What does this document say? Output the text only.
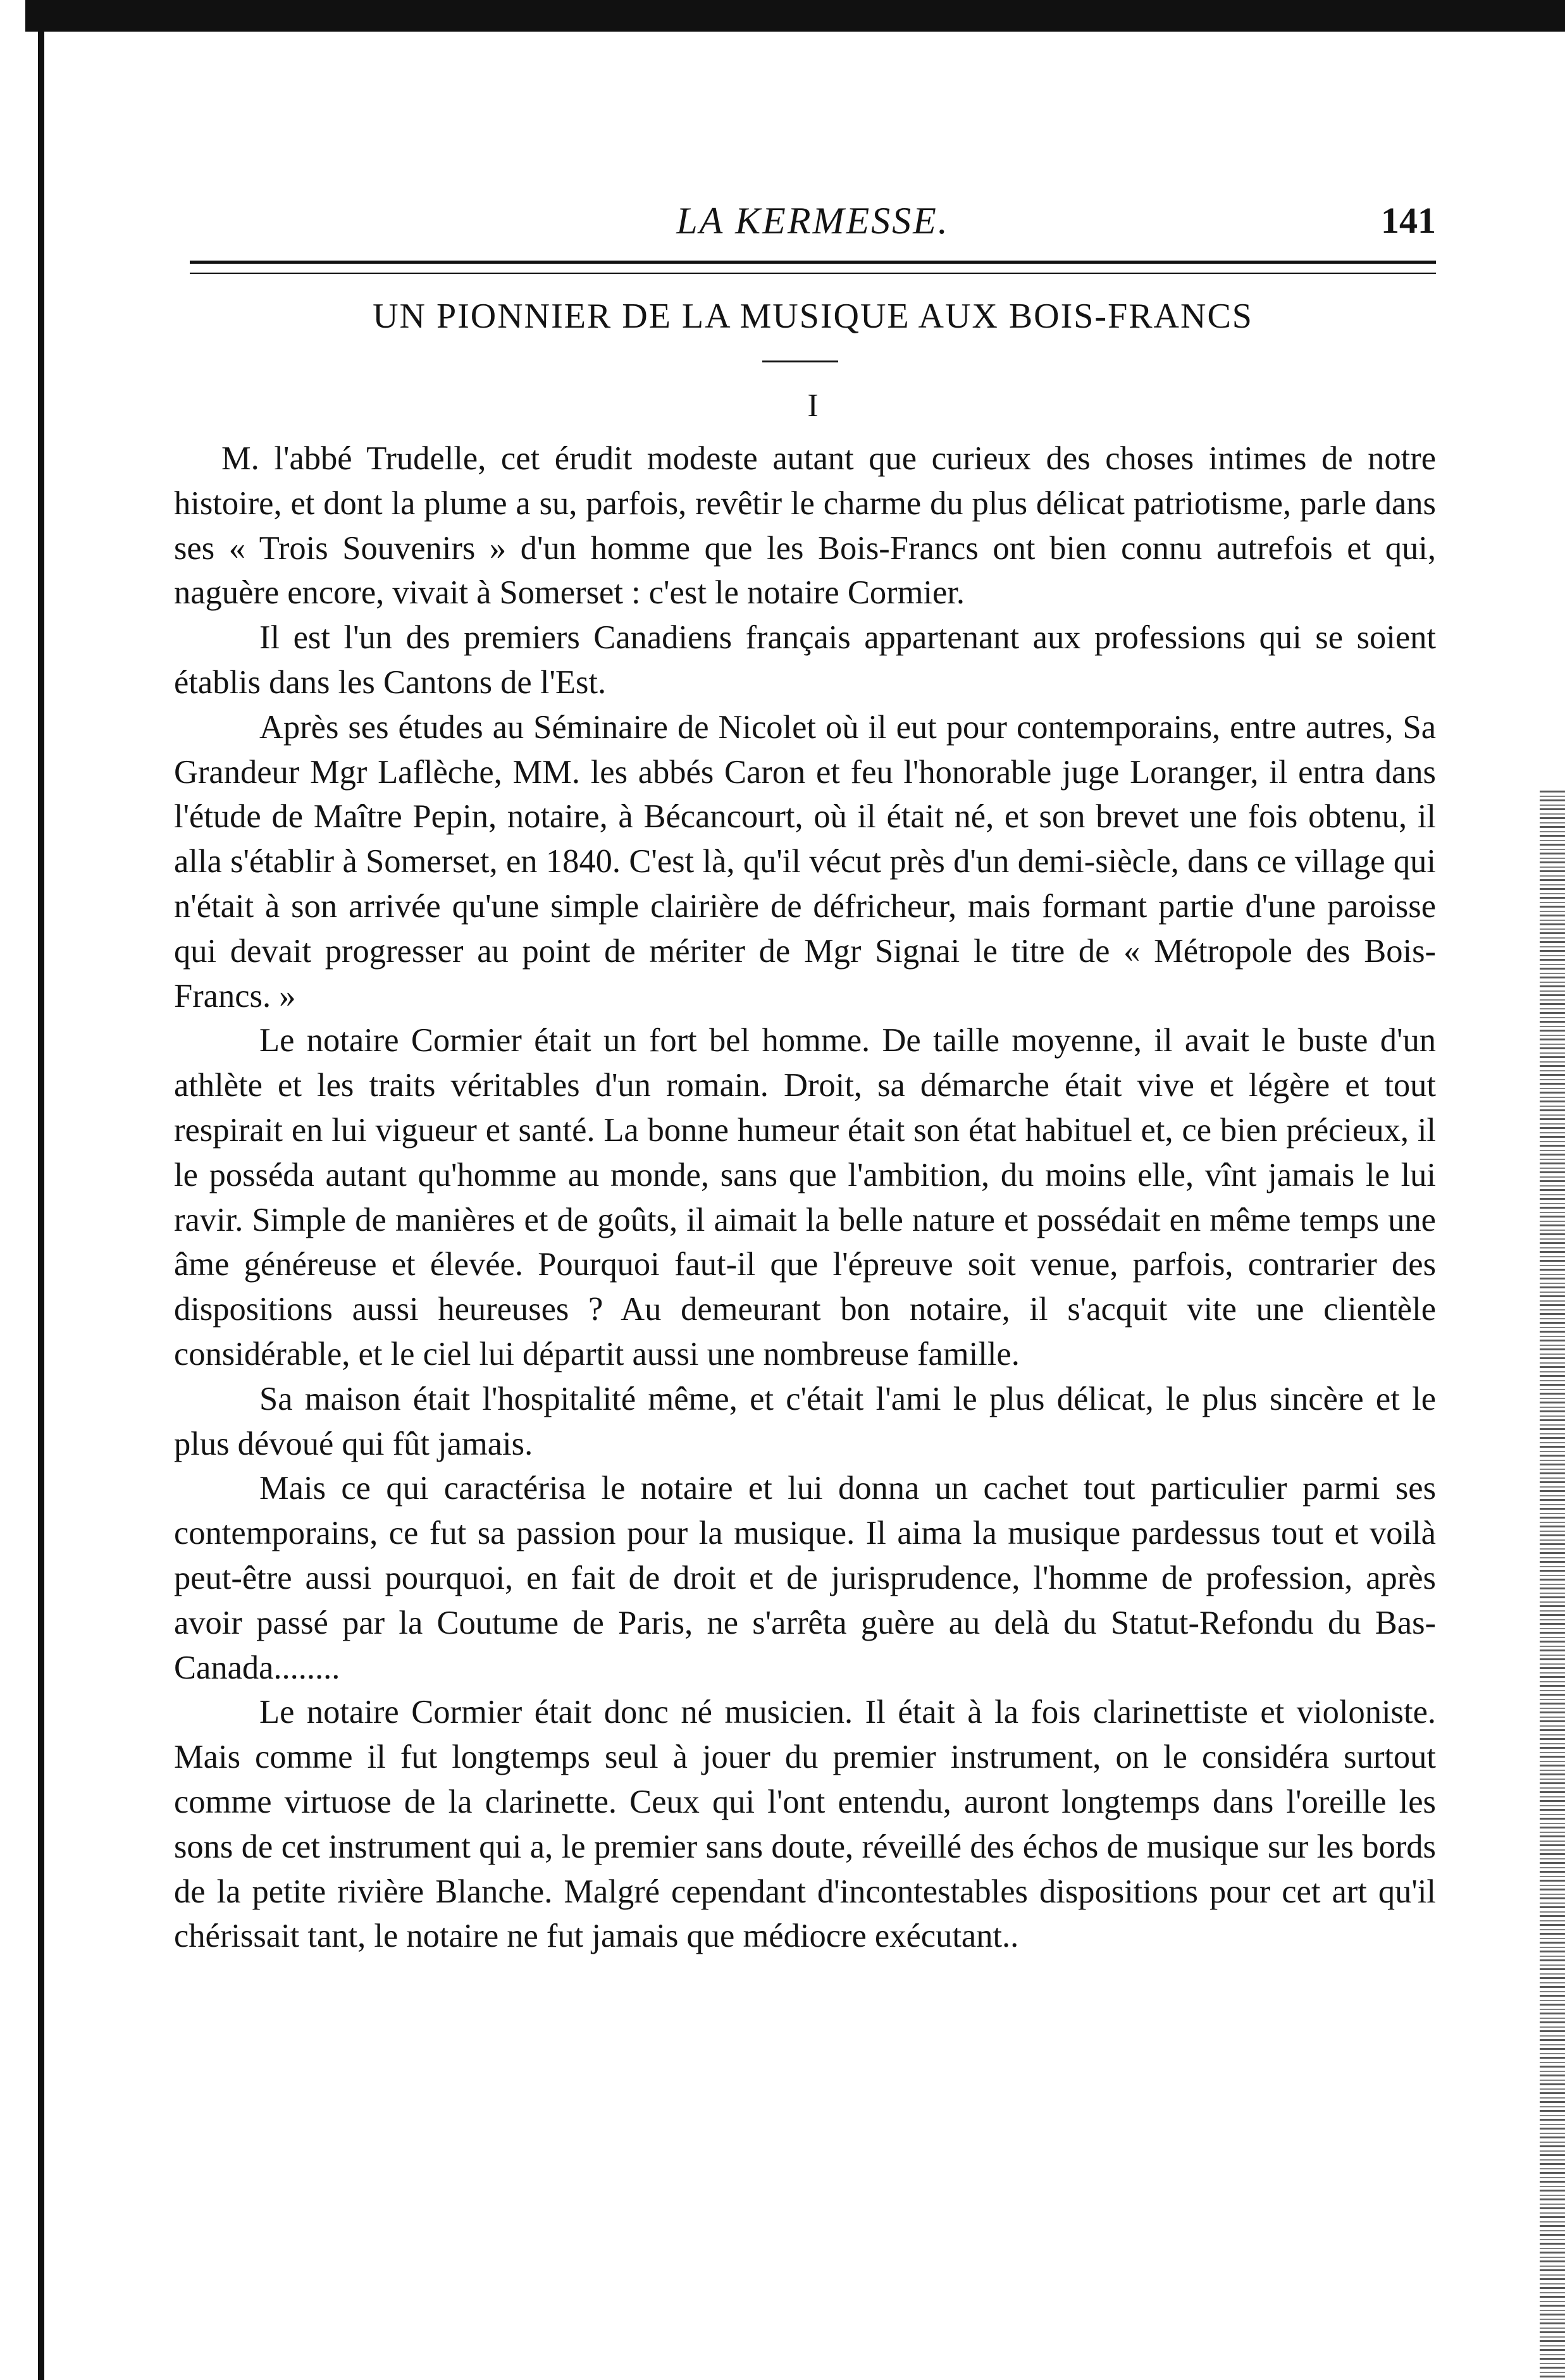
LA KERMESSE.	141
UN PIONNIER DE LA MUSIQUE AUX BOIS-FRANCS
I

M. l'abbé Trudelle, cet érudit modeste autant que curieux des choses intimes de notre histoire, et dont la plume a su, parfois, revêtir le charme du plus délicat patriotisme, parle dans ses « Trois Souvenirs » d'un homme que les Bois-Francs ont bien connu autrefois et qui, naguère encore, vivait à Somerset : c'est le notaire Cormier.

Il est l'un des premiers Canadiens français appartenant aux professions qui se soient établis dans les Cantons de l'Est.

Après ses études au Séminaire de Nicolet où il eut pour contemporains, entre autres, Sa Grandeur Mgr Laflèche, MM. les abbés Caron et feu l'honorable juge Loranger, il entra dans l'étude de Maître Pepin, notaire, à Bécancourt, où il était né, et son brevet une fois obtenu, il alla s'établir à Somerset, en 1840. C'est là, qu'il vécut près d'un demi-siècle, dans ce village qui n'était à son arrivée qu'une simple clairière de défricheur, mais formant partie d'une paroisse qui devait progresser au point de mériter de Mgr Signai le titre de « Métropole des Bois-Francs. »

Le notaire Cormier était un fort bel homme. De taille moyenne, il avait le buste d'un athlète et les traits véritables d'un romain. Droit, sa démarche était vive et légère et tout respirait en lui vigueur et santé. La bonne humeur était son état habituel et, ce bien précieux, il le posséda autant qu'homme au monde, sans que l'ambition, du moins elle, vînt jamais le lui ravir. Simple de manières et de goûts, il aimait la belle nature et possédait en même temps une âme généreuse et élevée. Pourquoi faut-il que l'épreuve soit venue, parfois, contrarier des dispositions aussi heureuses ? Au demeurant bon notaire, il s'acquit vite une clientèle considérable, et le ciel lui départit aussi une nombreuse famille.

Sa maison était l'hospitalité même, et c'était l'ami le plus délicat, le plus sincère et le plus dévoué qui fût jamais.

Mais ce qui caractérisa le notaire et lui donna un cachet tout particulier parmi ses contemporains, ce fut sa passion pour la musique. Il aima la musique pardessus tout et voilà peut-être aussi pourquoi, en fait de droit et de jurisprudence, l'homme de profession, après avoir passé par la Coutume de Paris, ne s'arrêta guère au delà du Statut-Refondu du Bas-Canada........

Le notaire Cormier était donc né musicien. Il était à la fois clarinettiste et violoniste. Mais comme il fut longtemps seul à jouer du premier instrument, on le considéra surtout comme virtuose de la clarinette. Ceux qui l'ont entendu, auront longtemps dans l'oreille les sons de cet instrument qui a, le premier sans doute, réveillé des échos de musique sur les bords de la petite rivière Blanche. Malgré cependant d'incontestables dispositions pour cet art qu'il chérissait tant, le notaire ne fut jamais que médiocre exécutant..
